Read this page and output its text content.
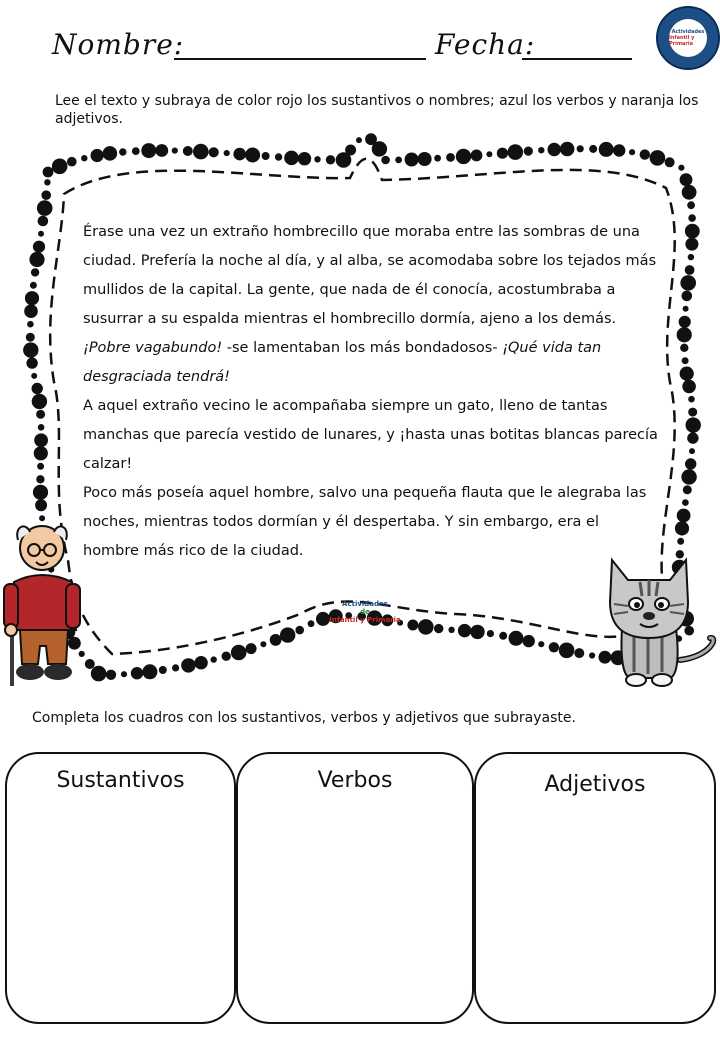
Nombre:	Fecha:	Actividades
Infantil y Primaria
Lee el texto y subraya de color rojo los sustantivos o nombres; azul los verbos y naranja los adjetivos.

Érase una vez un extraño hombrecillo que moraba entre las sombras de una ciudad. Prefería la noche al día, y al alba, se acomodaba sobre los tejados más mullidos de la capital. La gente, que nada de él conocía, acostumbraba a susurrar a su espalda mientras el hombrecillo dormía, ajeno a los demás.

¡Pobre vagabundo! -se lamentaban los más bondadosos- ¡Qué vida tan desgraciada tendrá!

A aquel extraño vecino le acompañaba siempre un gato, lleno de tantas manchas que parecía vestido de lunares, y ¡hasta unas botitas blancas parecía calzar!

Poco más poseía aquel hombre, salvo una pequeña flauta que le alegraba las noches, mientras todos dormían y él despertaba. Y sin embargo, era el hombre más rico de la ciudad.

Actividades
de
Infantil y Primaria
Completa los cuadros con los sustantivos, verbos y adjetivos que subrayaste.
Sustantivos	Verbos	Adjetivos
